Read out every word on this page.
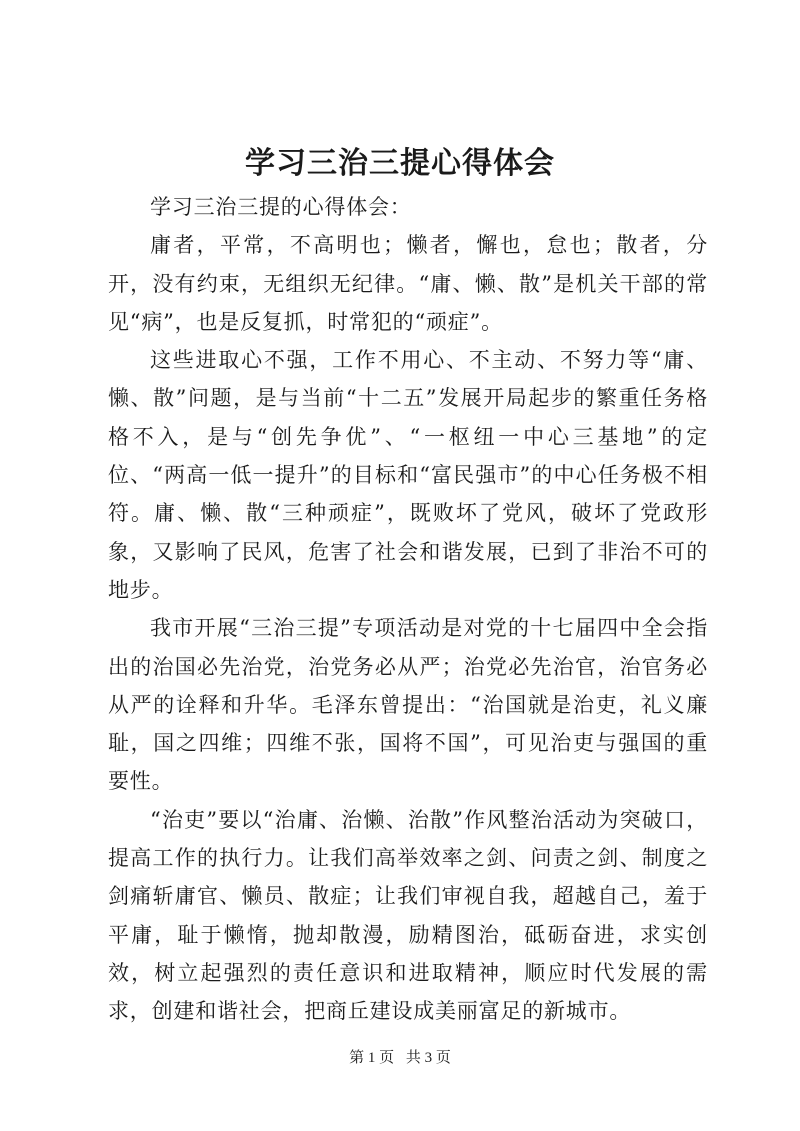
学习三治三提心得体会

学习三治三提的心得体会：

庸者，平常，不高明也；懒者，懈也，怠也；散者，分开，没有约束，无组织无纪律。“庸、懒、散”是机关干部的常见“病”，也是反复抓，时常犯的“顽症”。

这些进取心不强，工作不用心、不主动、不努力等“庸、懒、散”问题，是与当前“十二五”发展开局起步的繁重任务格格不入，是与“创先争优”、“一枢纽一中心三基地”的定位、“两高一低一提升”的目标和“富民强市”的中心任务极不相符。庸、懒、散“三种顽症”，既败坏了党风，破坏了党政形象，又影响了民风，危害了社会和谐发展，已到了非治不可的地步。

我市开展“三治三提”专项活动是对党的十七届四中全会指出的治国必先治党，治党务必从严；治党必先治官，治官务必从严的诠释和升华。毛泽东曾提出：“治国就是治吏，礼义廉耻，国之四维；四维不张，国将不国”，可见治吏与强国的重要性。

“治吏”要以“治庸、治懒、治散”作风整治活动为突破口，提高工作的执行力。让我们高举效率之剑、问责之剑、制度之剑痛斩庸官、懒员、散症；让我们审视自我，超越自己，羞于平庸，耻于懒惰，抛却散漫，励精图治，砥砺奋进，求实创效，树立起强烈的责任意识和进取精神，顺应时代发展的需求，创建和谐社会，把商丘建设成美丽富足的新城市。

第 1 页 共 3 页
